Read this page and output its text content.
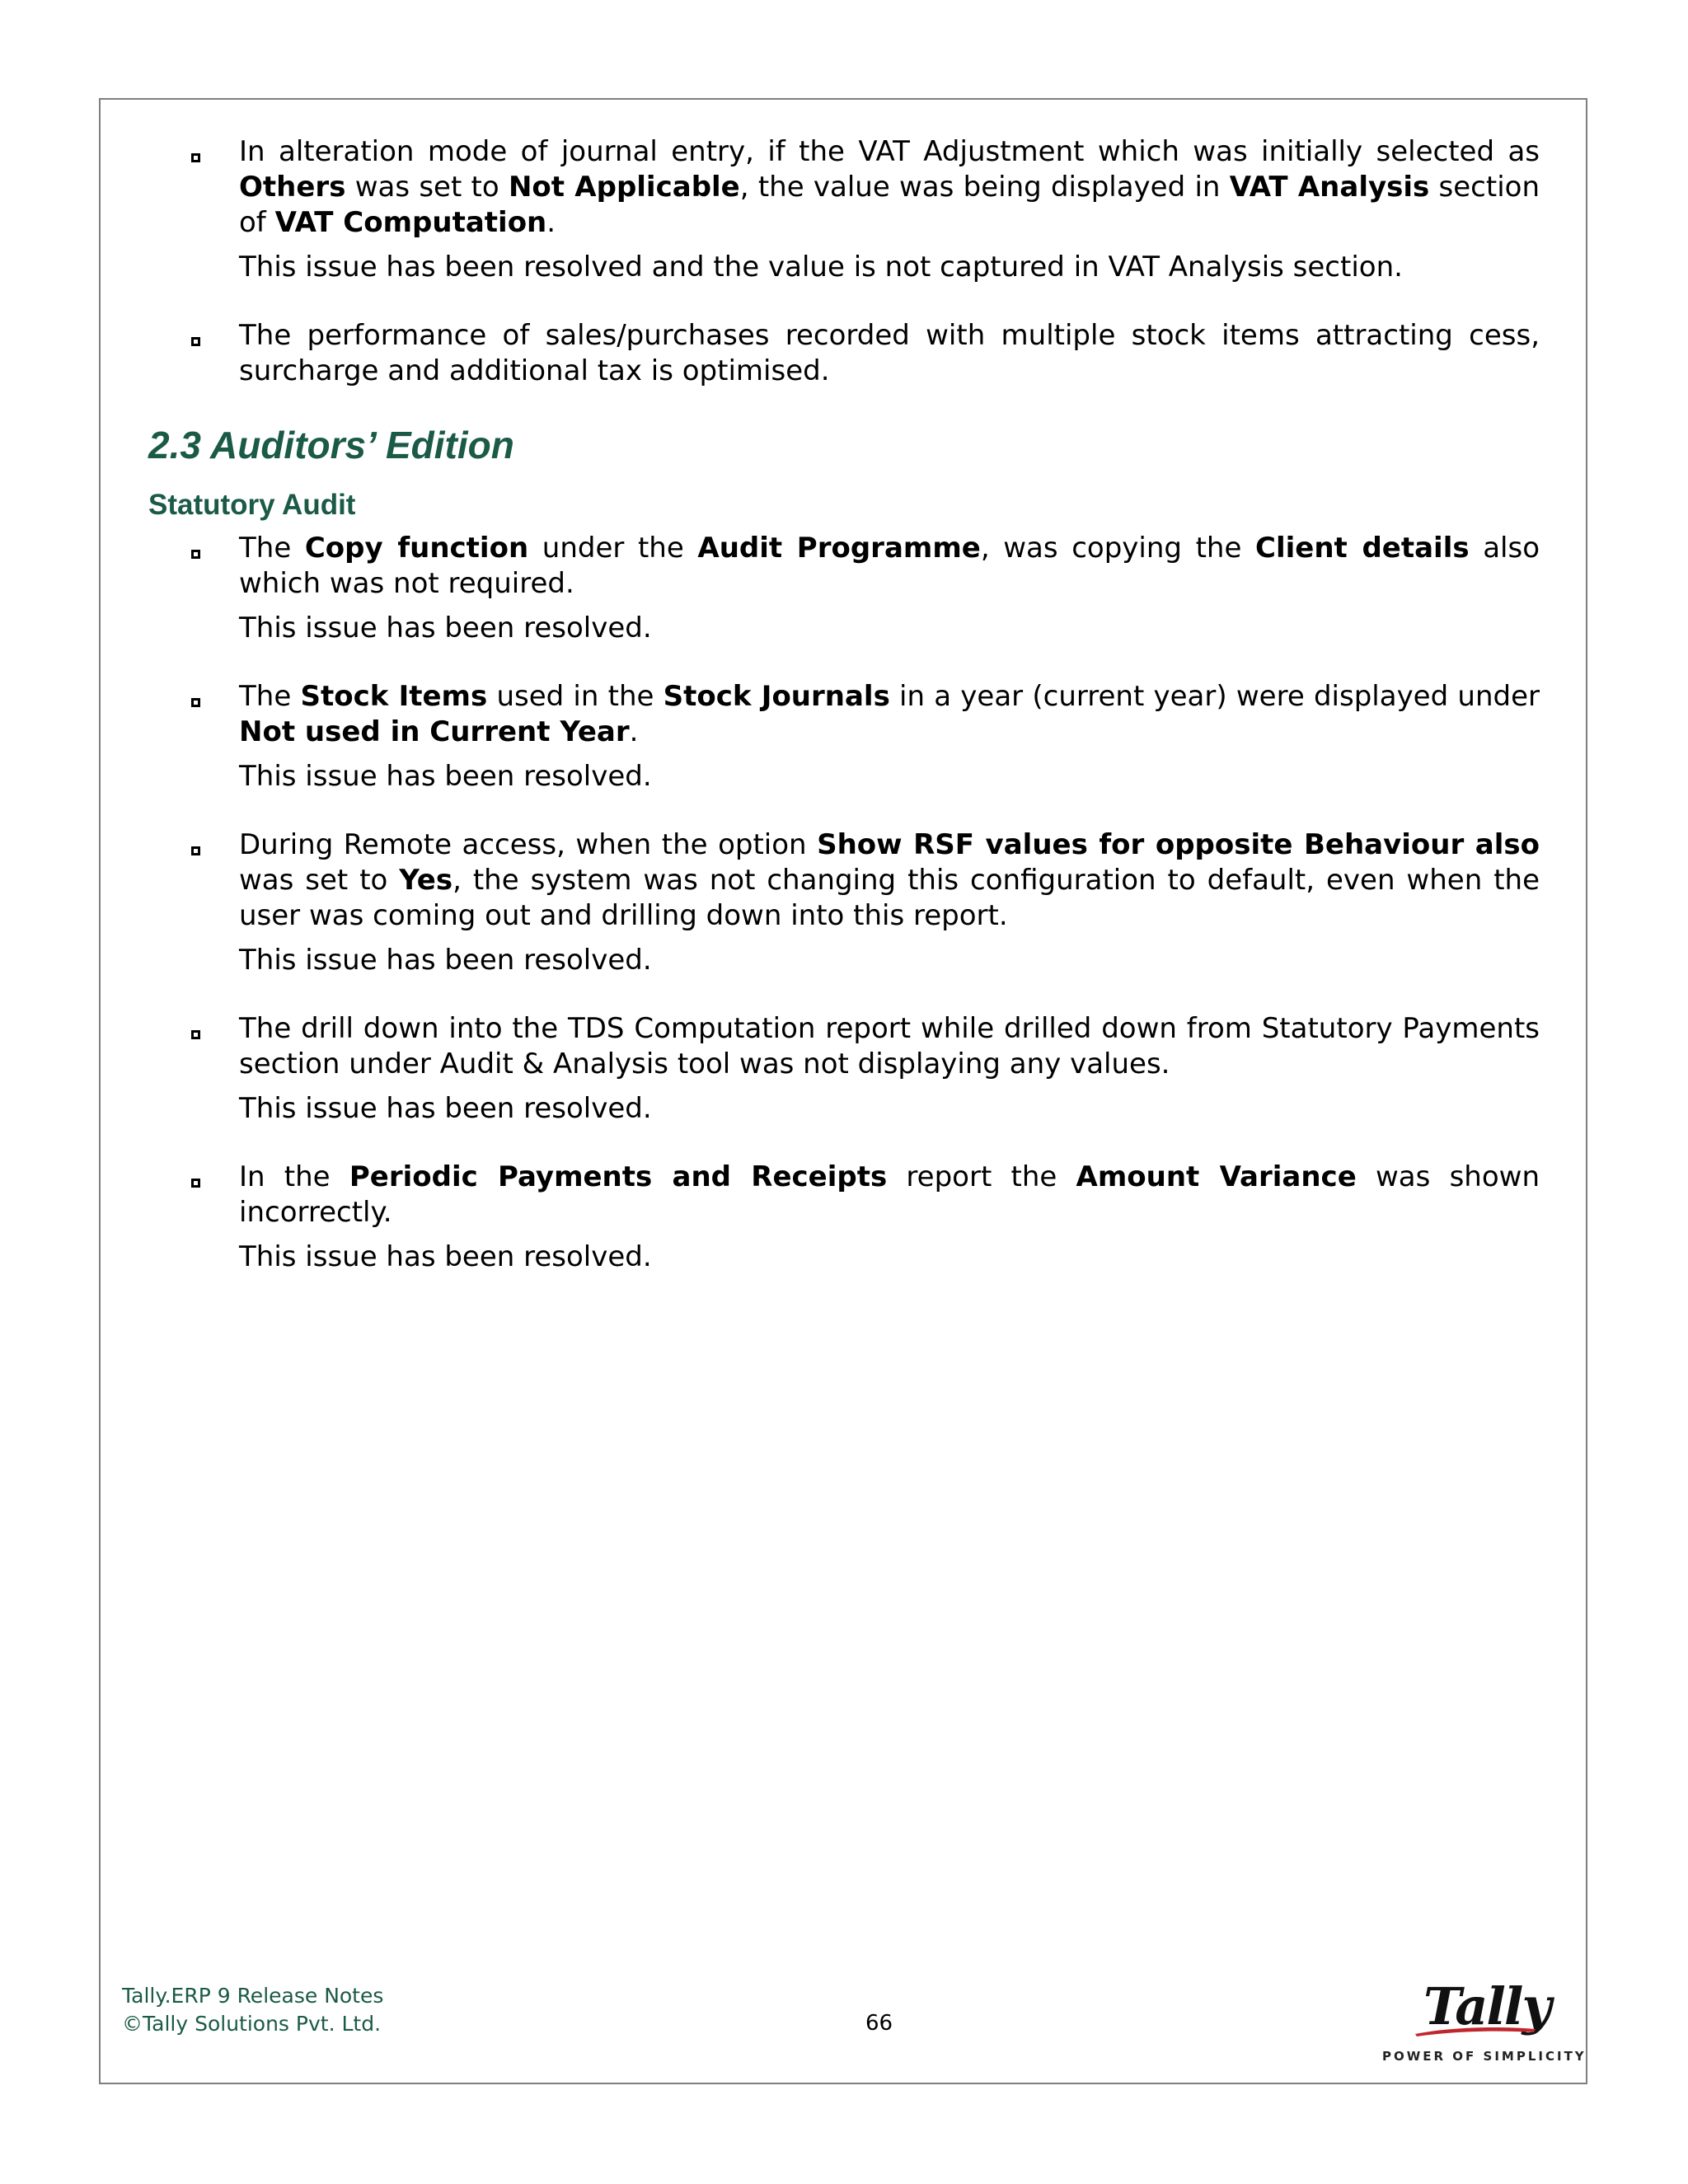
In alteration mode of journal entry, if the VAT Adjustment which was initially selected as Others was set to Not Applicable, the value was being displayed in VAT Analysis section of VAT Computation.

This issue has been resolved and the value is not captured in VAT Analysis section.

The performance of sales/purchases recorded with multiple stock items attracting cess, surcharge and additional tax is optimised.

2.3 Auditors’ Edition
Statutory Audit

The Copy function under the Audit Programme, was copying the Client details also which was not required.

This issue has been resolved.

The Stock Items used in the Stock Journals in a year (current year) were displayed under Not used in Current Year.

This issue has been resolved.

During Remote access, when the option Show RSF values for opposite Behaviour also was set to Yes, the system was not changing this configuration to default, even when the user was coming out and drilling down into this report.

This issue has been resolved.

The drill down into the TDS Computation report while drilled down from Statutory Payments section under Audit & Analysis tool was not displaying any values.

This issue has been resolved.

In the Periodic Payments and Receipts report the Amount Variance was shown incorrectly.

This issue has been resolved.

Tally.ERP 9 Release Notes
©Tally Solutions Pvt. Ltd.	66	Tally
POWER OF SIMPLICITY
